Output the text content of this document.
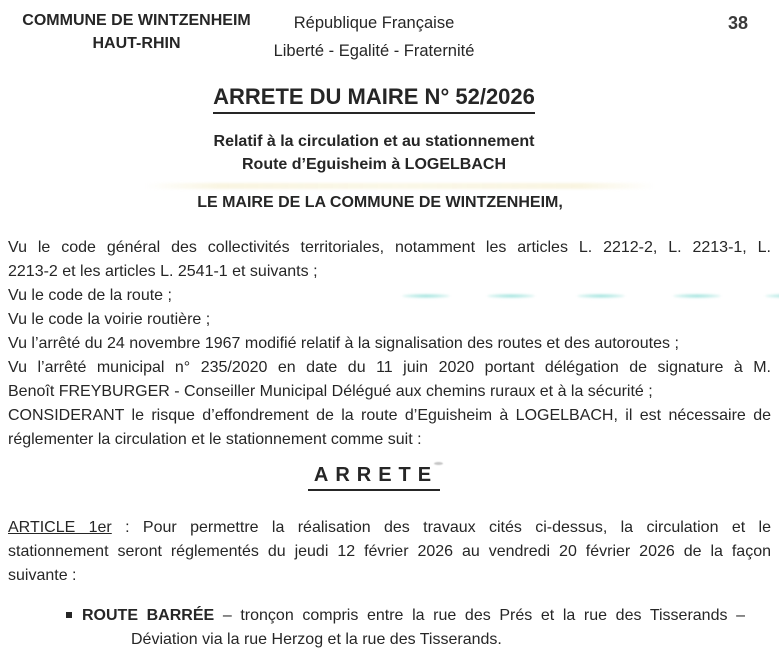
COMMUNE DE WINTZENHEIM
HAUT-RHIN
République Française
Liberté - Egalité - Fraternité
38
ARRETE DU MAIRE N° 52/2026
Relatif à la circulation et au stationnement
Route d’Eguisheim à LOGELBACH
LE MAIRE DE LA COMMUNE DE WINTZENHEIM,
Vu le code général des collectivités territoriales, notamment les articles L. 2212-2, L. 2213-1, L.
2213-2 et les articles L. 2541-1 et suivants ;
Vu le code de la route ;
Vu le code la voirie routière ;
Vu l’arrêté du 24 novembre 1967 modifié relatif à la signalisation des routes et des autoroutes ;
Vu l’arrêté municipal n° 235/2020 en date du 11 juin 2020 portant délégation de signature à M.
Benoît FREYBURGER - Conseiller Municipal Délégué aux chemins ruraux et à la sécurité ;
CONSIDERANT le risque d’effondrement de la route d’Eguisheim à LOGELBACH, il est nécessaire de
réglementer la circulation et le stationnement comme suit :
ARRETE
ARTICLE 1er : Pour permettre la réalisation des travaux cités ci-dessus, la circulation et le
stationnement seront réglementés du jeudi 12 février 2026 au vendredi 20 février 2026 de la façon
suivante :
ROUTE BARRÉE – tronçon compris entre la rue des Prés et la rue des Tisserands –
Déviation via la rue Herzog et la rue des Tisserands.
